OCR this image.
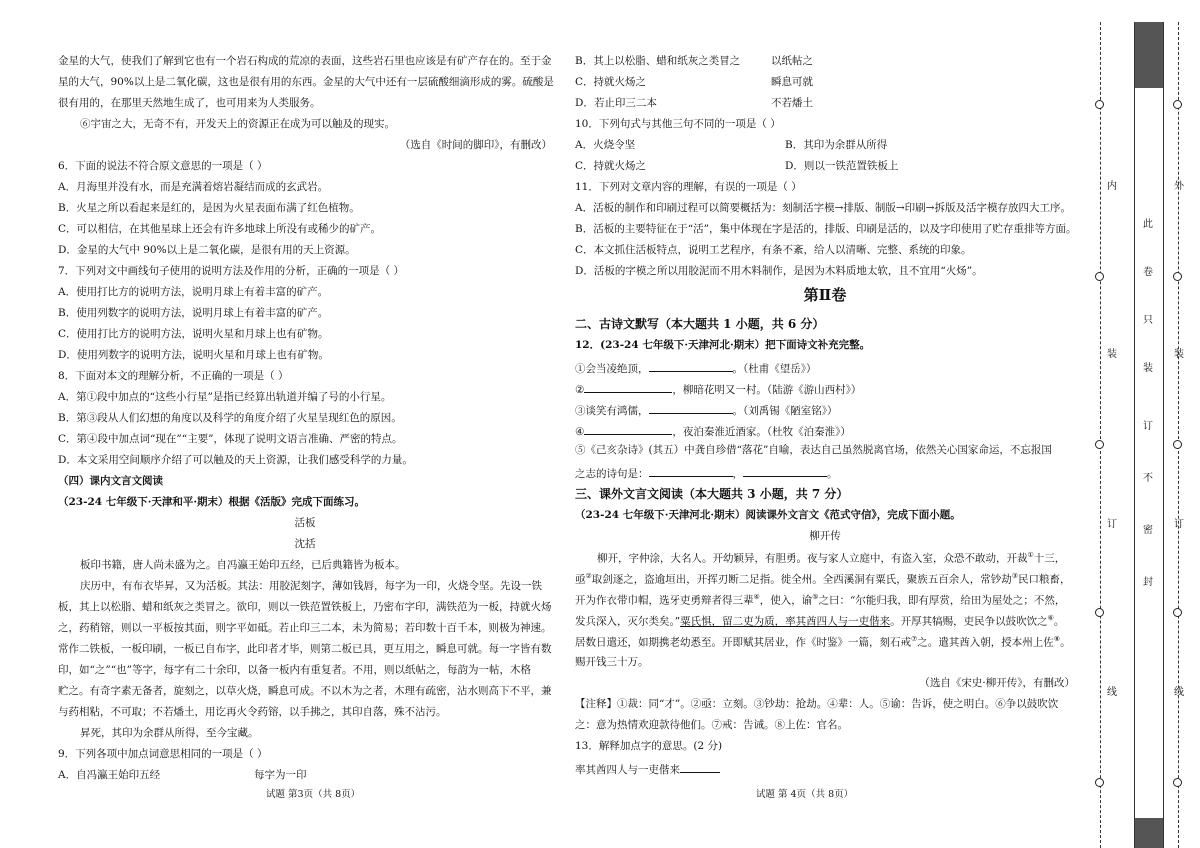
金星的大气，使我们了解到它也有一个岩石构成的荒凉的表面，这些岩石里也应该是有矿产存在的。至于金
星的大气，90%以上是二氧化碳，这也是很有用的东西。金星的大气中还有一层硫酸细滴形成的雾。硫酸是
很有用的，在那里天然地生成了，也可用来为人类服务。
⑥宇宙之大，无奇不有，开发天上的资源正在成为可以触及的现实。
（选自《时间的脚印》，有删改）
6．下面的说法不符合原文意思的一项是（ ）
A．月海里并没有水，而是充满着熔岩凝结而成的玄武岩。
B．火星之所以看起来是红的，是因为火星表面布满了红色植物。
C．可以相信，在其他星球上还会有许多地球上所没有或稀少的矿产。
D．金星的大气中 90%以上是二氧化碳，是很有用的天上资源。
7．下列对文中画线句子使用的说明方法及作用的分析，正确的一项是（ ）
A．使用打比方的说明方法，说明月球上有着丰富的矿产。
B．使用列数字的说明方法，说明月球上有着丰富的矿产。
C．使用打比方的说明方法，说明火星和月球上也有矿物。
D．使用列数字的说明方法，说明火星和月球上也有矿物。
8．下面对本文的理解分析，不正确的一项是（ ）
A．第①段中加点的“这些小行星”是指已经算出轨道并编了号的小行星。
B．第③段从人们幻想的角度以及科学的角度介绍了火星呈现红色的原因。
C．第④段中加点词“现在”“主要”，体现了说明文语言准确、严密的特点。
D．本文采用空间顺序介绍了可以触及的天上资源，让我们感受科学的力量。
（四）课内文言文阅读
（23-24 七年级下·天津和平·期末）根据《活版》完成下面练习。
活板
沈括
板印书籍，唐人尚未盛为之。自冯瀛王始印五经，已后典籍皆为板本。
庆历中，有布衣毕昇，又为活板。其法：用胶泥刻字，薄如钱唇，每字为一印，火烧令坚。先设一铁
板，其上以松脂、蜡和纸灰之类冒之。欲印，则以一铁范置铁板上，乃密布字印，满铁范为一板，持就火炀
之，药稍镕，则以一平板按其面，则字平如砥。若止印三二本，未为简易；若印数十百千本，则极为神速。
常作二铁板，一板印刷，一板已自布字，此印者才毕，则第二板已具，更互用之，瞬息可就。每一字皆有数
印，如“之”“也”等字，每字有二十余印，以备一板内有重复者。不用，则以纸帖之，每韵为一帖，木格
贮之。有奇字素无备者，旋刻之，以草火烧，瞬息可成。不以木为之者，木理有疏密，沾水则高下不平，兼
与药相粘，不可取；不若燔土，用讫再火令药镕，以手拂之，其印自落，殊不沾污。
昇死，其印为余群从所得，至今宝藏。
9．下列各项中加点词意思相同的一项是（ ）
A．自冯瀛王始印五经	每字为一印
试题 第3页（共 8页）
B．其上以松脂、蜡和纸灰之类冒之	以纸帖之
C．持就火炀之	瞬息可就
D．若止印三二本	不若燔土
10．下列句式与其他三句不同的一项是（ ）
A．火烧令坚	B．其印为余群从所得
C．持就火炀之	D．则以一铁范置铁板上
11．下列对文章内容的理解，有误的一项是（ ）
A．活板的制作和印刷过程可以简要概括为：刻制活字模→排版、制版→印刷→拆版及活字模存放四大工序。
B．活板的主要特征在于“活”，集中体现在字是活的，排版、印刷是活的，以及字印使用了贮存重排等方面。
C．本文抓住活板特点，说明工艺程序，有条不紊，给人以清晰、完整、系统的印象。
D．活板的字模之所以用胶泥而不用木料制作，是因为木料质地太软，且不宜用“火炀”。
第Ⅱ卷
二、古诗文默写（本大题共 1 小题，共 6 分）
12．(23-24 七年级下·天津河北·期末）把下面诗文补充完整。
①会当凌绝顶，	。（杜甫《望岳》）
②	，柳暗花明又一村。（陆游《游山西村》）
③谈笑有鸿儒，	。（刘禹锡《陋室铭》）
④	，夜泊秦淮近酒家。（杜牧《泊秦淮》）
⑤《己亥杂诗》(其五）中龚自珍借“落花”自喻，表达自己虽然脱离官场，依然关心国家命运，不忘报国
之志的诗句是：	，	。
三、课外文言文阅读（本大题共 3 小题，共 7 分）
（23-24 七年级下·天津河北·期末）阅读课外文言文《范式守信》，完成下面小题。
柳开传
柳开，字仲涂，大名人。开幼颖异，有胆勇。夜与家人立庭中，有盗入室，众恐不敢动，开裁①十三，
亟②取剑逐之，盗逾垣出，开挥刃断二足指。徙全州。全西溪洞有粟氏，聚族五百余人，常钞劫③民口粮畜，
开为作衣带巾帽，选牙吏勇辩者得三辈④，使入，谕⑤之曰：“尔能归我，即有厚赏，给田为屋处之；不然，
发兵深入，灭尔类矣。”粟氏惧，留二吏为质，率其酋四人与一吏偕来。开厚其犒赐，吏民争以鼓吹饮之⑥。
居数日遣还，如期携老幼悉至。开即赋其居业，作《时鉴》一篇，刻石戒⑦之。遣其酋入朝，授本州上佐⑧。
赐开钱三十万。
（选自《宋史·柳开传》，有删改）
【注释】①裁：同“才”。②亟：立刻。③钞劫：抢劫。④辈：人。⑤谕：告诉，使之明白。⑥争以鼓吹饮
之：意为热情欢迎款待他们。⑦戒：告诫。⑧上佐：官名。
13．解释加点字的意思。(2 分)
率其酋四人与一吏偕来
试题 第 4页（共 8页）
内
装
订
线
此
卷
只
装
订
不
密
封
外
装
订
线
